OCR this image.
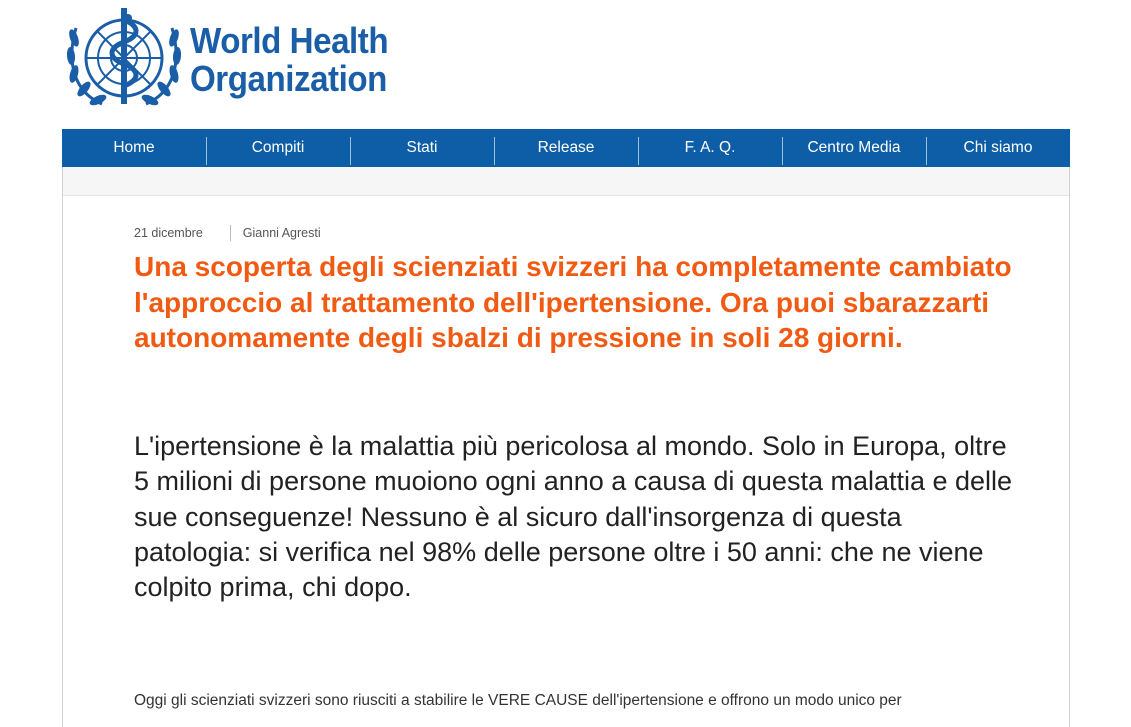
World Health
Organization
Home	Compiti	Stati	Release	F. A. Q.	Centro Media	Chi siamo
21 dicembre	Gianni Agresti
Una scoperta degli scienziati svizzeri ha completamente cambiato l'approccio al trattamento dell'ipertensione. Ora puoi sbarazzarti autonomamente degli sbalzi di pressione in soli 28 giorni.

L'ipertensione è la malattia più pericolosa al mondo. Solo in Europa, oltre 5 milioni di persone muoiono ogni anno a causa di questa malattia e delle sue conseguenze! Nessuno è al sicuro dall'insorgenza di questa patologia: si verifica nel 98% delle persone oltre i 50 anni: che ne viene colpito prima, chi dopo.

Oggi gli scienziati svizzeri sono riusciti a stabilire le VERE CAUSE dell'ipertensione e offrono un modo unico per
